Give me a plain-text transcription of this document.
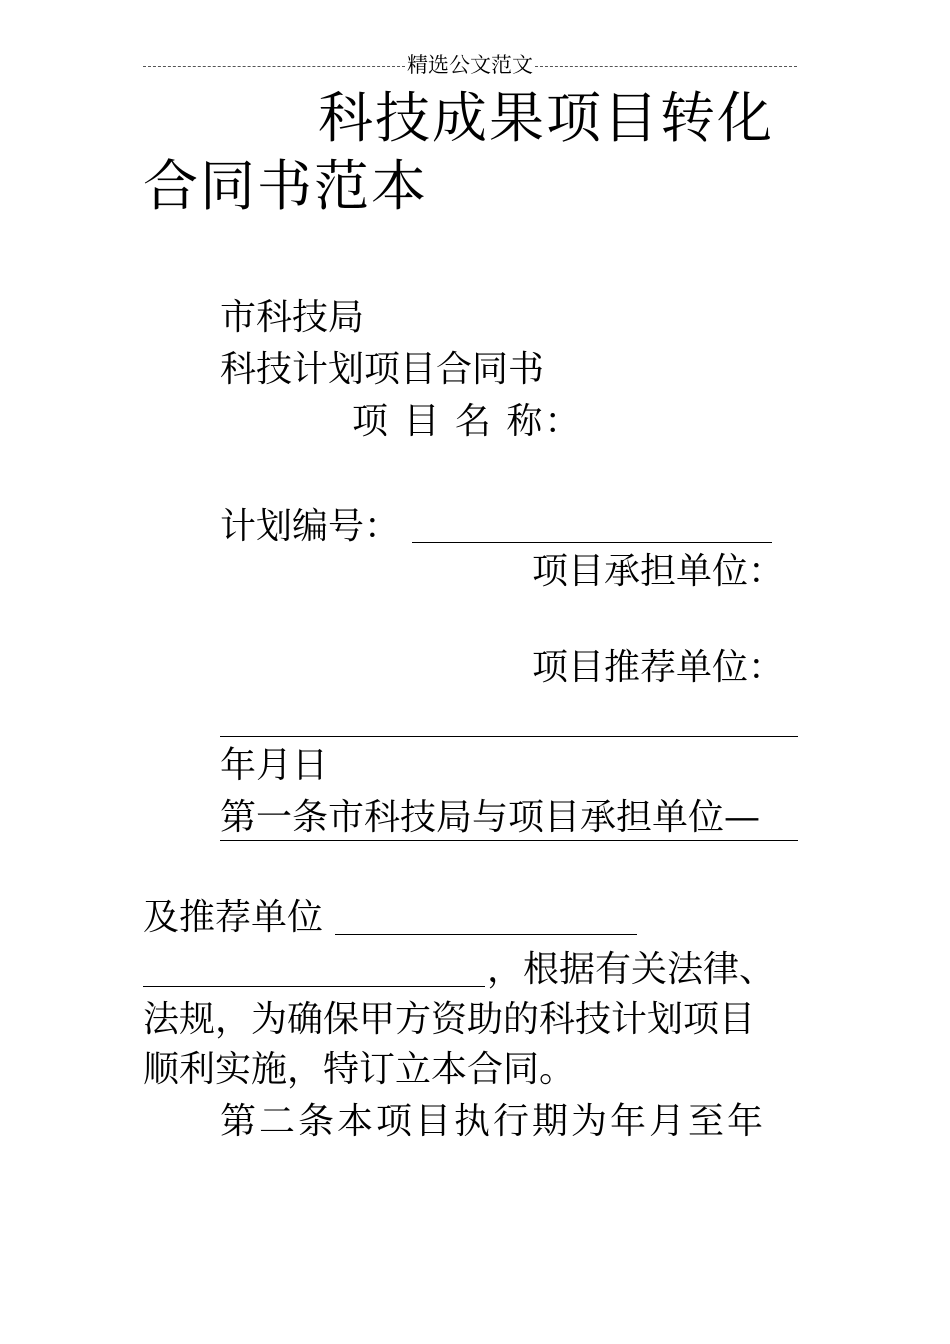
精选公文范文
科技成果项目转化
合同书范本
市科技局
科技计划项目合同书
项 目 名 称：
计划编号：
项目承担单位：
项目推荐单位：
年月日
第一条市科技局与项目承担单位—
及推荐单位
，根据有关法律、
法规，为确保甲方资助的科技计划项目
顺利实施，特订立本合同。
第二条本项目执行期为年月至年
